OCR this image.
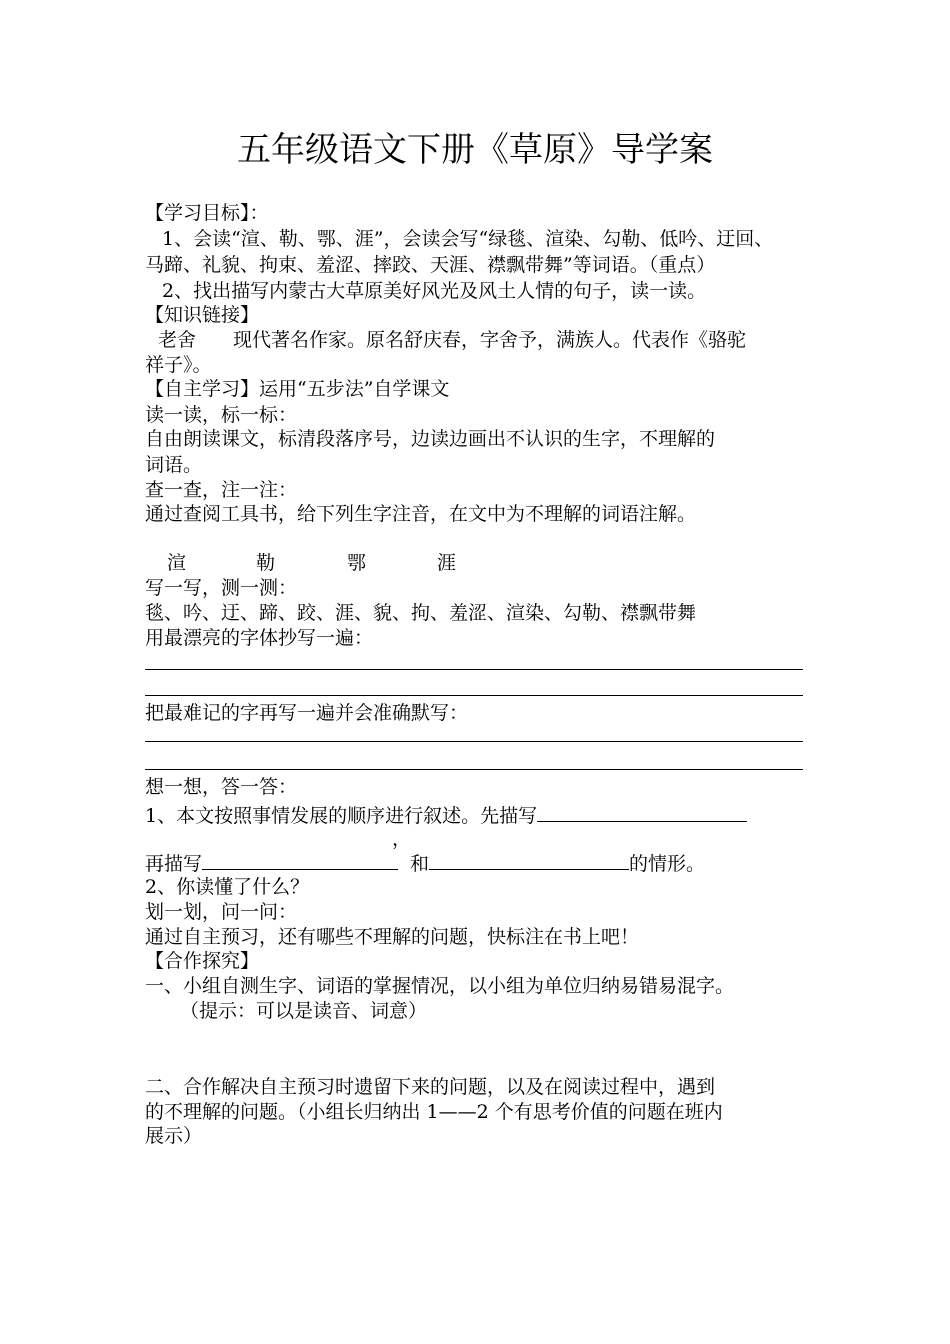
五年级语文下册《草原》导学案
【学习目标】：
1、会读“渲、勒、鄂、涯”，会读会写“绿毯、渲染、勾勒、低吟、迂回、
马蹄、礼貌、拘束、羞涩、摔跤、天涯、襟飘带舞”等词语。（重点）
2、找出描写内蒙古大草原美好风光及风土人情的句子，读一读。
【知识链接】
老舍	现代著名作家。原名舒庆春，字舍予，满族人。代表作《骆驼
祥子》。
【自主学习】运用“五步法”自学课文
读一读，标一标：
自由朗读课文，标清段落序号，边读边画出不认识的生字，不理解的
词语。
查一查，注一注：
通过查阅工具书，给下列生字注音，在文中为不理解的词语注解。
渲	勒	鄂	涯
写一写，测一测：
毯、吟、迂、蹄、跤、涯、貌、拘、羞涩、渲染、勾勒、襟飘带舞
用最漂亮的字体抄写一遍：
把最难记的字再写一遍并会准确默写：
想一想，答一答：
1、本文按照事情发展的顺序进行叙述。先描写
，
再描写	和	的情形。
2、你读懂了什么？
划一划，问一问：
通过自主预习，还有哪些不理解的问题，快标注在书上吧！
【合作探究】
一、小组自测生字、词语的掌握情况，以小组为单位归纳易错易混字。
（提示：可以是读音、词意）
二、合作解决自主预习时遗留下来的问题，以及在阅读过程中，遇到
的不理解的问题。（小组长归纳出 1——2 个有思考价值的问题在班内
展示）
